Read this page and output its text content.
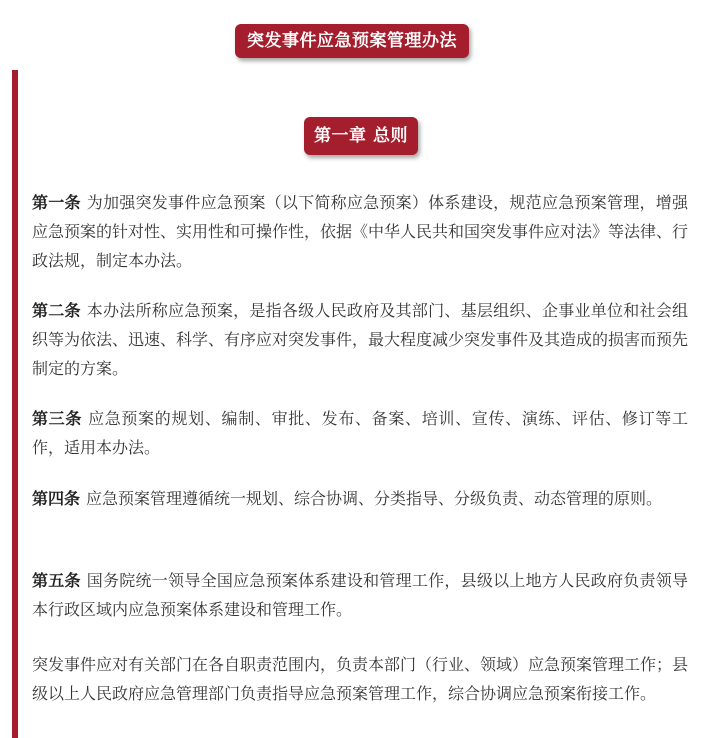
突发事件应急预案管理办法
第一章 总则

第一条 为加强突发事件应急预案（以下简称应急预案）体系建设，规范应急预案管理，增强应急预案的针对性、实用性和可操作性，依据《中华人民共和国突发事件应对法》等法律、行政法规，制定本办法。

第二条 本办法所称应急预案，是指各级人民政府及其部门、基层组织、企事业单位和社会组织等为依法、迅速、科学、有序应对突发事件，最大程度减少突发事件及其造成的损害而预先制定的方案。

第三条 应急预案的规划、编制、审批、发布、备案、培训、宣传、演练、评估、修订等工作，适用本办法。

第四条 应急预案管理遵循统一规划、综合协调、分类指导、分级负责、动态管理的原则。

第五条 国务院统一领导全国应急预案体系建设和管理工作，县级以上地方人民政府负责领导本行政区域内应急预案体系建设和管理工作。

突发事件应对有关部门在各自职责范围内，负责本部门（行业、领域）应急预案管理工作；县级以上人民政府应急管理部门负责指导应急预案管理工作，综合协调应急预案衔接工作。
